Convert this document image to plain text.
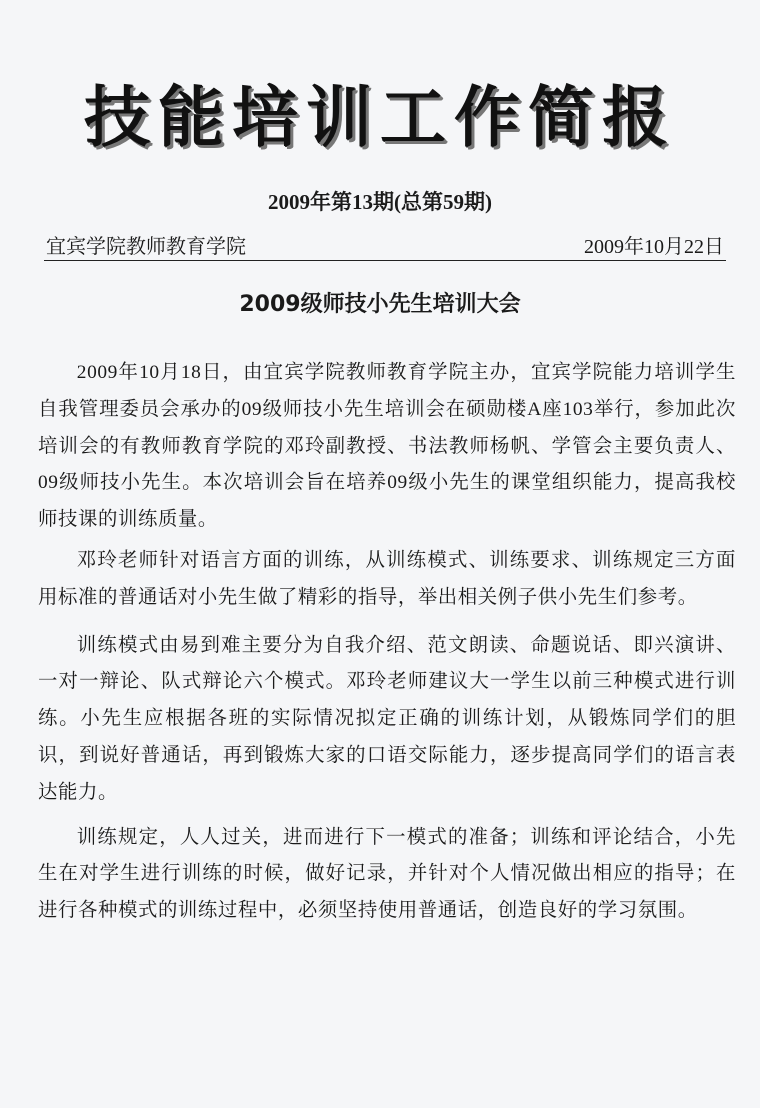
技能培训工作简报
2009年第13期(总第59期)
宜宾学院教师教育学院	2009年10月22日
2009级师技小先生培训大会

2009年10月18日，由宜宾学院教师教育学院主办，宜宾学院能力培训学生自我管理委员会承办的09级师技小先生培训会在硕勋楼A座103举行，参加此次培训会的有教师教育学院的邓玲副教授、书法教师杨帆、学管会主要负责人、09级师技小先生。本次培训会旨在培养09级小先生的课堂组织能力，提高我校师技课的训练质量。

邓玲老师针对语言方面的训练，从训练模式、训练要求、训练规定三方面用标准的普通话对小先生做了精彩的指导，举出相关例子供小先生们参考。

训练模式由易到难主要分为自我介绍、范文朗读、命题说话、即兴演讲、一对一辩论、队式辩论六个模式。邓玲老师建议大一学生以前三种模式进行训练。小先生应根据各班的实际情况拟定正确的训练计划，从锻炼同学们的胆识，到说好普通话，再到锻炼大家的口语交际能力，逐步提高同学们的语言表达能力。

训练规定，人人过关，进而进行下一模式的准备；训练和评论结合，小先生在对学生进行训练的时候，做好记录，并针对个人情况做出相应的指导；在进行各种模式的训练过程中，必须坚持使用普通话，创造良好的学习氛围。
